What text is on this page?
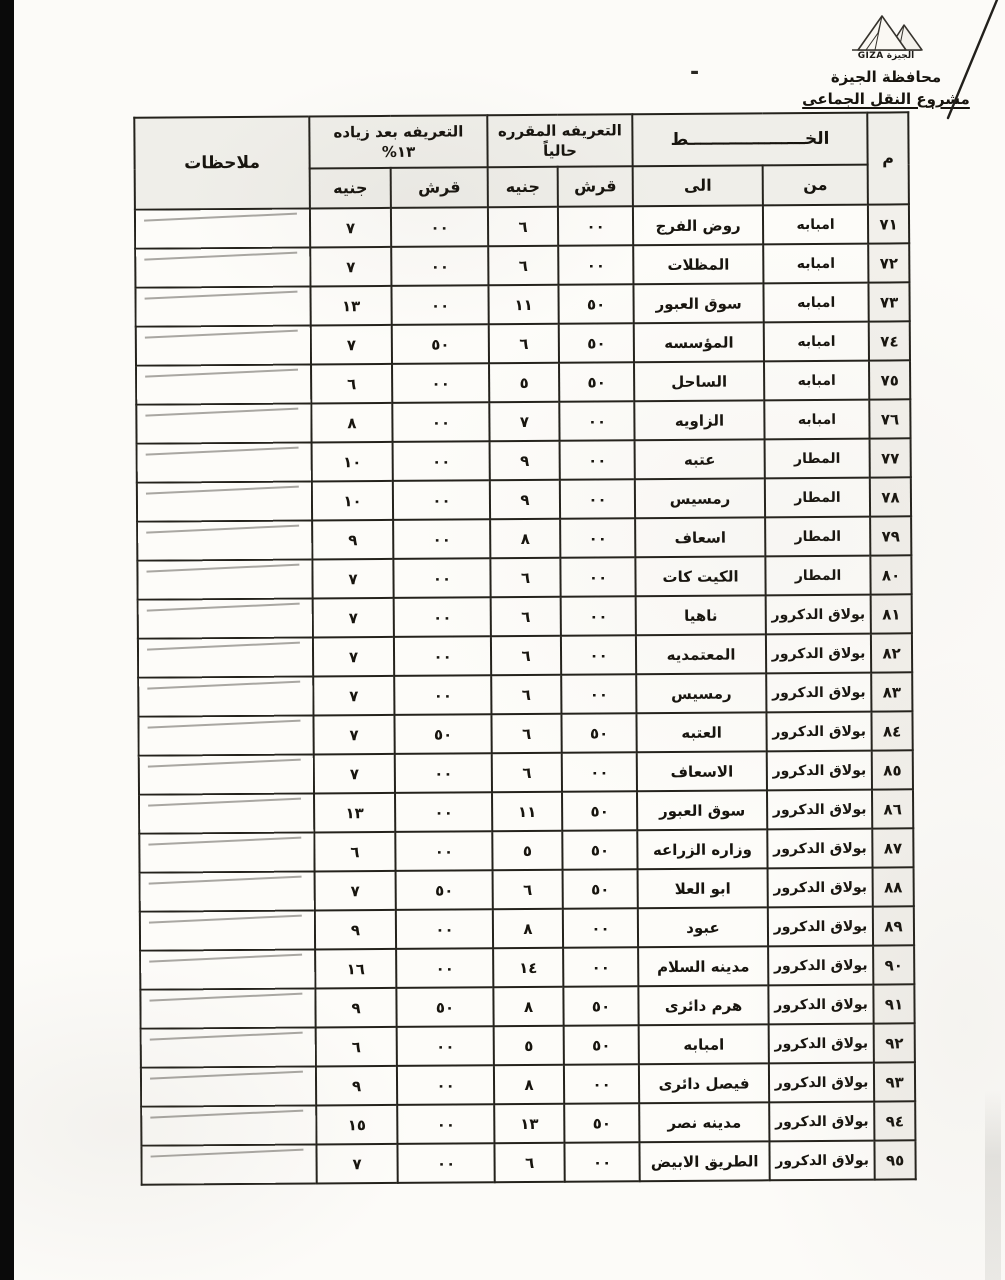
الجيزة GIZA
محافظة الجيزة
مشروع النقل الجماعى
-
م	الخــــــــــــــــــــط	
التعريفه المقرره
حالياً

التعريفه بعد زياده
١٣%
	ملاحظات
	من	الى	قرش	جنيه	قرش	جنيه	
٧١	امبابه	روض الفرج	٠٠	٦	٠٠	٧	

٧٢	امبابه	المظلات	٠٠	٦	٠٠	٧	

٧٣	امبابه	سوق العبور	٥٠	١١	٠٠	١٣	

٧٤	امبابه	المؤسسه	٥٠	٦	٥٠	٧	

٧٥	امبابه	الساحل	٥٠	٥	٠٠	٦	

٧٦	امبابه	الزاويه	٠٠	٧	٠٠	٨	

٧٧	المطار	عتبه	٠٠	٩	٠٠	١٠	

٧٨	المطار	رمسيس	٠٠	٩	٠٠	١٠	

٧٩	المطار	اسعاف	٠٠	٨	٠٠	٩	

٨٠	المطار	الكيت كات	٠٠	٦	٠٠	٧	

٨١	بولاق الدكرور	ناهيا	٠٠	٦	٠٠	٧	

٨٢	بولاق الدكرور	المعتمديه	٠٠	٦	٠٠	٧	

٨٣	بولاق الدكرور	رمسيس	٠٠	٦	٠٠	٧	

٨٤	بولاق الدكرور	العتبه	٥٠	٦	٥٠	٧	

٨٥	بولاق الدكرور	الاسعاف	٠٠	٦	٠٠	٧	

٨٦	بولاق الدكرور	سوق العبور	٥٠	١١	٠٠	١٣	

٨٧	بولاق الدكرور	وزاره الزراعه	٥٠	٥	٠٠	٦	

٨٨	بولاق الدكرور	ابو العلا	٥٠	٦	٥٠	٧	

٨٩	بولاق الدكرور	عبود	٠٠	٨	٠٠	٩	

٩٠	بولاق الدكرور	مدينه السلام	٠٠	١٤	٠٠	١٦	

٩١	بولاق الدكرور	هرم دائرى	٥٠	٨	٥٠	٩	

٩٢	بولاق الدكرور	امبابه	٥٠	٥	٠٠	٦	

٩٣	بولاق الدكرور	فيصل دائرى	٠٠	٨	٠٠	٩	

٩٤	بولاق الدكرور	مدينه نصر	٥٠	١٣	٠٠	١٥	

٩٥	بولاق الدكرور	الطريق الابيض	٠٠	٦	٠٠	٧	
